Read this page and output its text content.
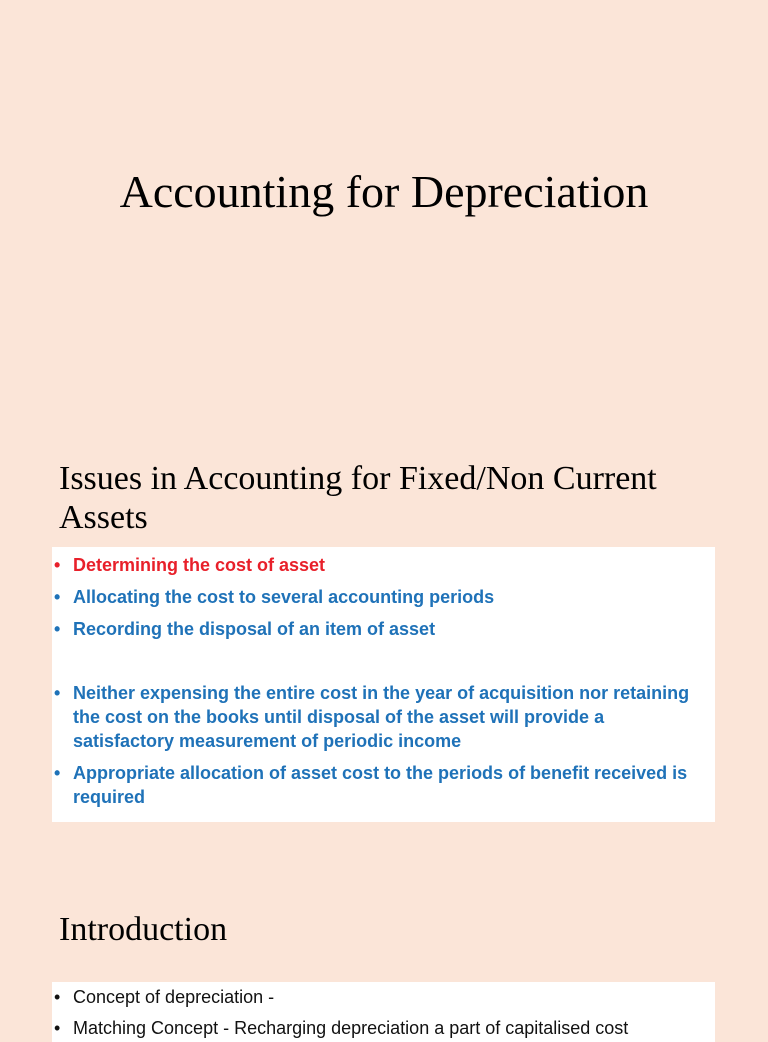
Accounting for Depreciation
Issues in Accounting for Fixed/Non Current Assets
• Determining the cost of asset
• Allocating the cost to several accounting periods
• Recording the disposal of an item of asset
• Neither expensing the entire cost in the year of acquisition nor retaining the cost on the books until disposal of the asset will provide a satisfactory measurement of periodic income
• Appropriate allocation of asset cost to the periods of benefit received is required
Introduction
• Concept of depreciation -
• Matching Concept - Recharging depreciation a part of capitalised cost
